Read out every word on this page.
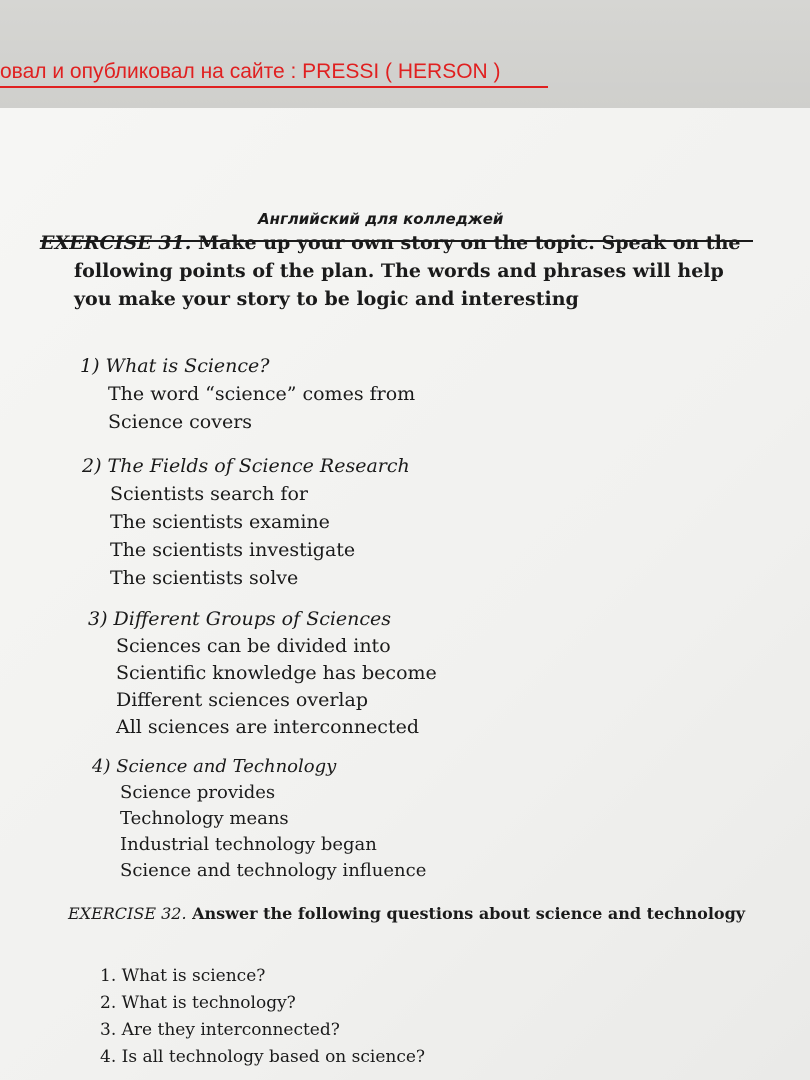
овал и опубликовал на сайте : PRESSI ( HERSON )
Английский для колледжей
EXERCISE 31. Make up your own story on the topic. Speak on the following points of the plan. The words and phrases will help you make your story to be logic and interesting
1) What is Science?
The word “science” comes from
Science covers
2) The Fields of Science Research
Scientists search for
The scientists examine
The scientists investigate
The scientists solve
3) Different Groups of Sciences
Sciences can be divided into
Scientific knowledge has become
Different sciences overlap
All sciences are interconnected
4) Science and Technology
Science provides
Technology means
Industrial technology began
Science and technology influence
EXERCISE 32. Answer the following questions about science and technology
1. What is science?
2. What is technology?
3. Are they interconnected?
4. Is all technology based on science?
